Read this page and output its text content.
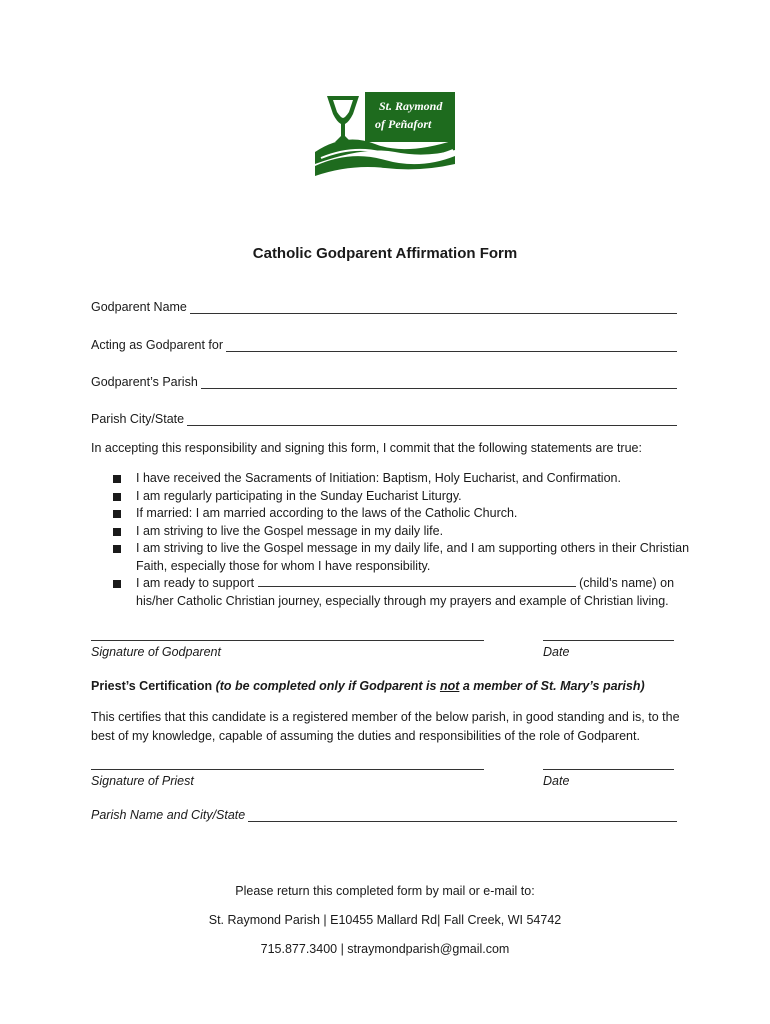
St. Raymond
of Peñafort
Catholic Godparent Affirmation Form
Godparent Name
Acting as Godparent for
Godparent’s Parish
Parish City/State
In accepting this responsibility and signing this form, I commit that the following statements are true:
I have received the Sacraments of Initiation: Baptism, Holy Eucharist, and Confirmation.
I am regularly participating in the Sunday Eucharist Liturgy.
If married: I am married according to the laws of the Catholic Church.
I am striving to live the Gospel message in my daily life.
I am striving to live the Gospel message in my daily life, and I am supporting others in their Christian Faith, especially those for whom I have responsibility.
I am ready to support	(child’s name) on his/her Catholic Christian journey, especially through my prayers and example of Christian living.
Signature of Godparent	Date
Priest’s Certification (to be completed only if Godparent is not a member of St. Mary’s parish)
This certifies that this candidate is a registered member of the below parish, in good standing and is, to the best of my knowledge, capable of assuming the duties and responsibilities of the role of Godparent.
Signature of Priest	Date
Parish Name and City/State
Please return this completed form by mail or e-mail to:
St. Raymond Parish | E10455 Mallard Rd| Fall Creek, WI 54742
715.877.3400 | straymondparish@gmail.com
